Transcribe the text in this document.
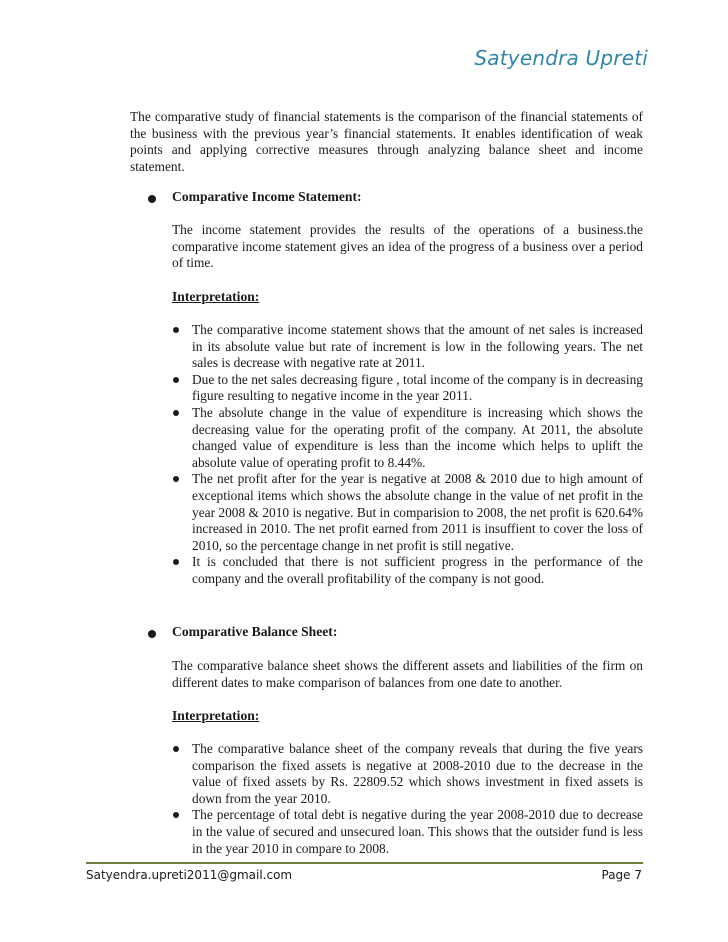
Satyendra Upreti

The comparative study of financial statements is the comparison of the financial statements of the business with the previous year’s financial statements. It enables identification of weak points and applying corrective measures through analyzing balance sheet and income statement.

Comparative Income Statement:

The income statement provides the results of the operations of a business.the comparative income statement gives an idea of the progress of a business over a period of time.

Interpretation:
The comparative income statement shows that the amount of net sales is increased in its absolute value but rate of increment is low in the following years. The net sales is decrease with negative rate at 2011.
Due to the net sales decreasing figure , total income of the company is in decreasing figure resulting to negative income in the year 2011.
The absolute change in the value of expenditure is increasing which shows the decreasing value for the operating profit of the company. At 2011, the absolute changed value of expenditure is less than the income which helps to uplift the absolute value of operating profit to 8.44%.
The net profit after for the year is negative at 2008 & 2010 due to high amount of exceptional items which shows the absolute change in the value of net profit in the year 2008 & 2010 is negative. But in comparision to 2008, the net profit is 620.64% increased in 2010. The net profit earned from 2011 is insuffient to cover the loss of 2010, so the percentage change in net profit is still negative.
It is concluded that there is not sufficient progress in the performance of the company and the overall profitability of the company is not good.
Comparative Balance Sheet:

The comparative balance sheet shows the different assets and liabilities of the firm on different dates to make comparison of balances from one date to another.

Interpretation:
The comparative balance sheet of the company reveals that during the five years comparison the fixed assets is negative at 2008-2010 due to the decrease in the value of fixed assets by Rs. 22809.52 which shows investment in fixed assets is down from the year 2010.
The percentage of total debt is negative during the year 2008-2010 due to decrease in the value of secured and unsecured loan. This shows that the outsider fund is less in the year 2010 in compare to 2008.
Satyendra.upreti2011@gmail.com	Page 7
